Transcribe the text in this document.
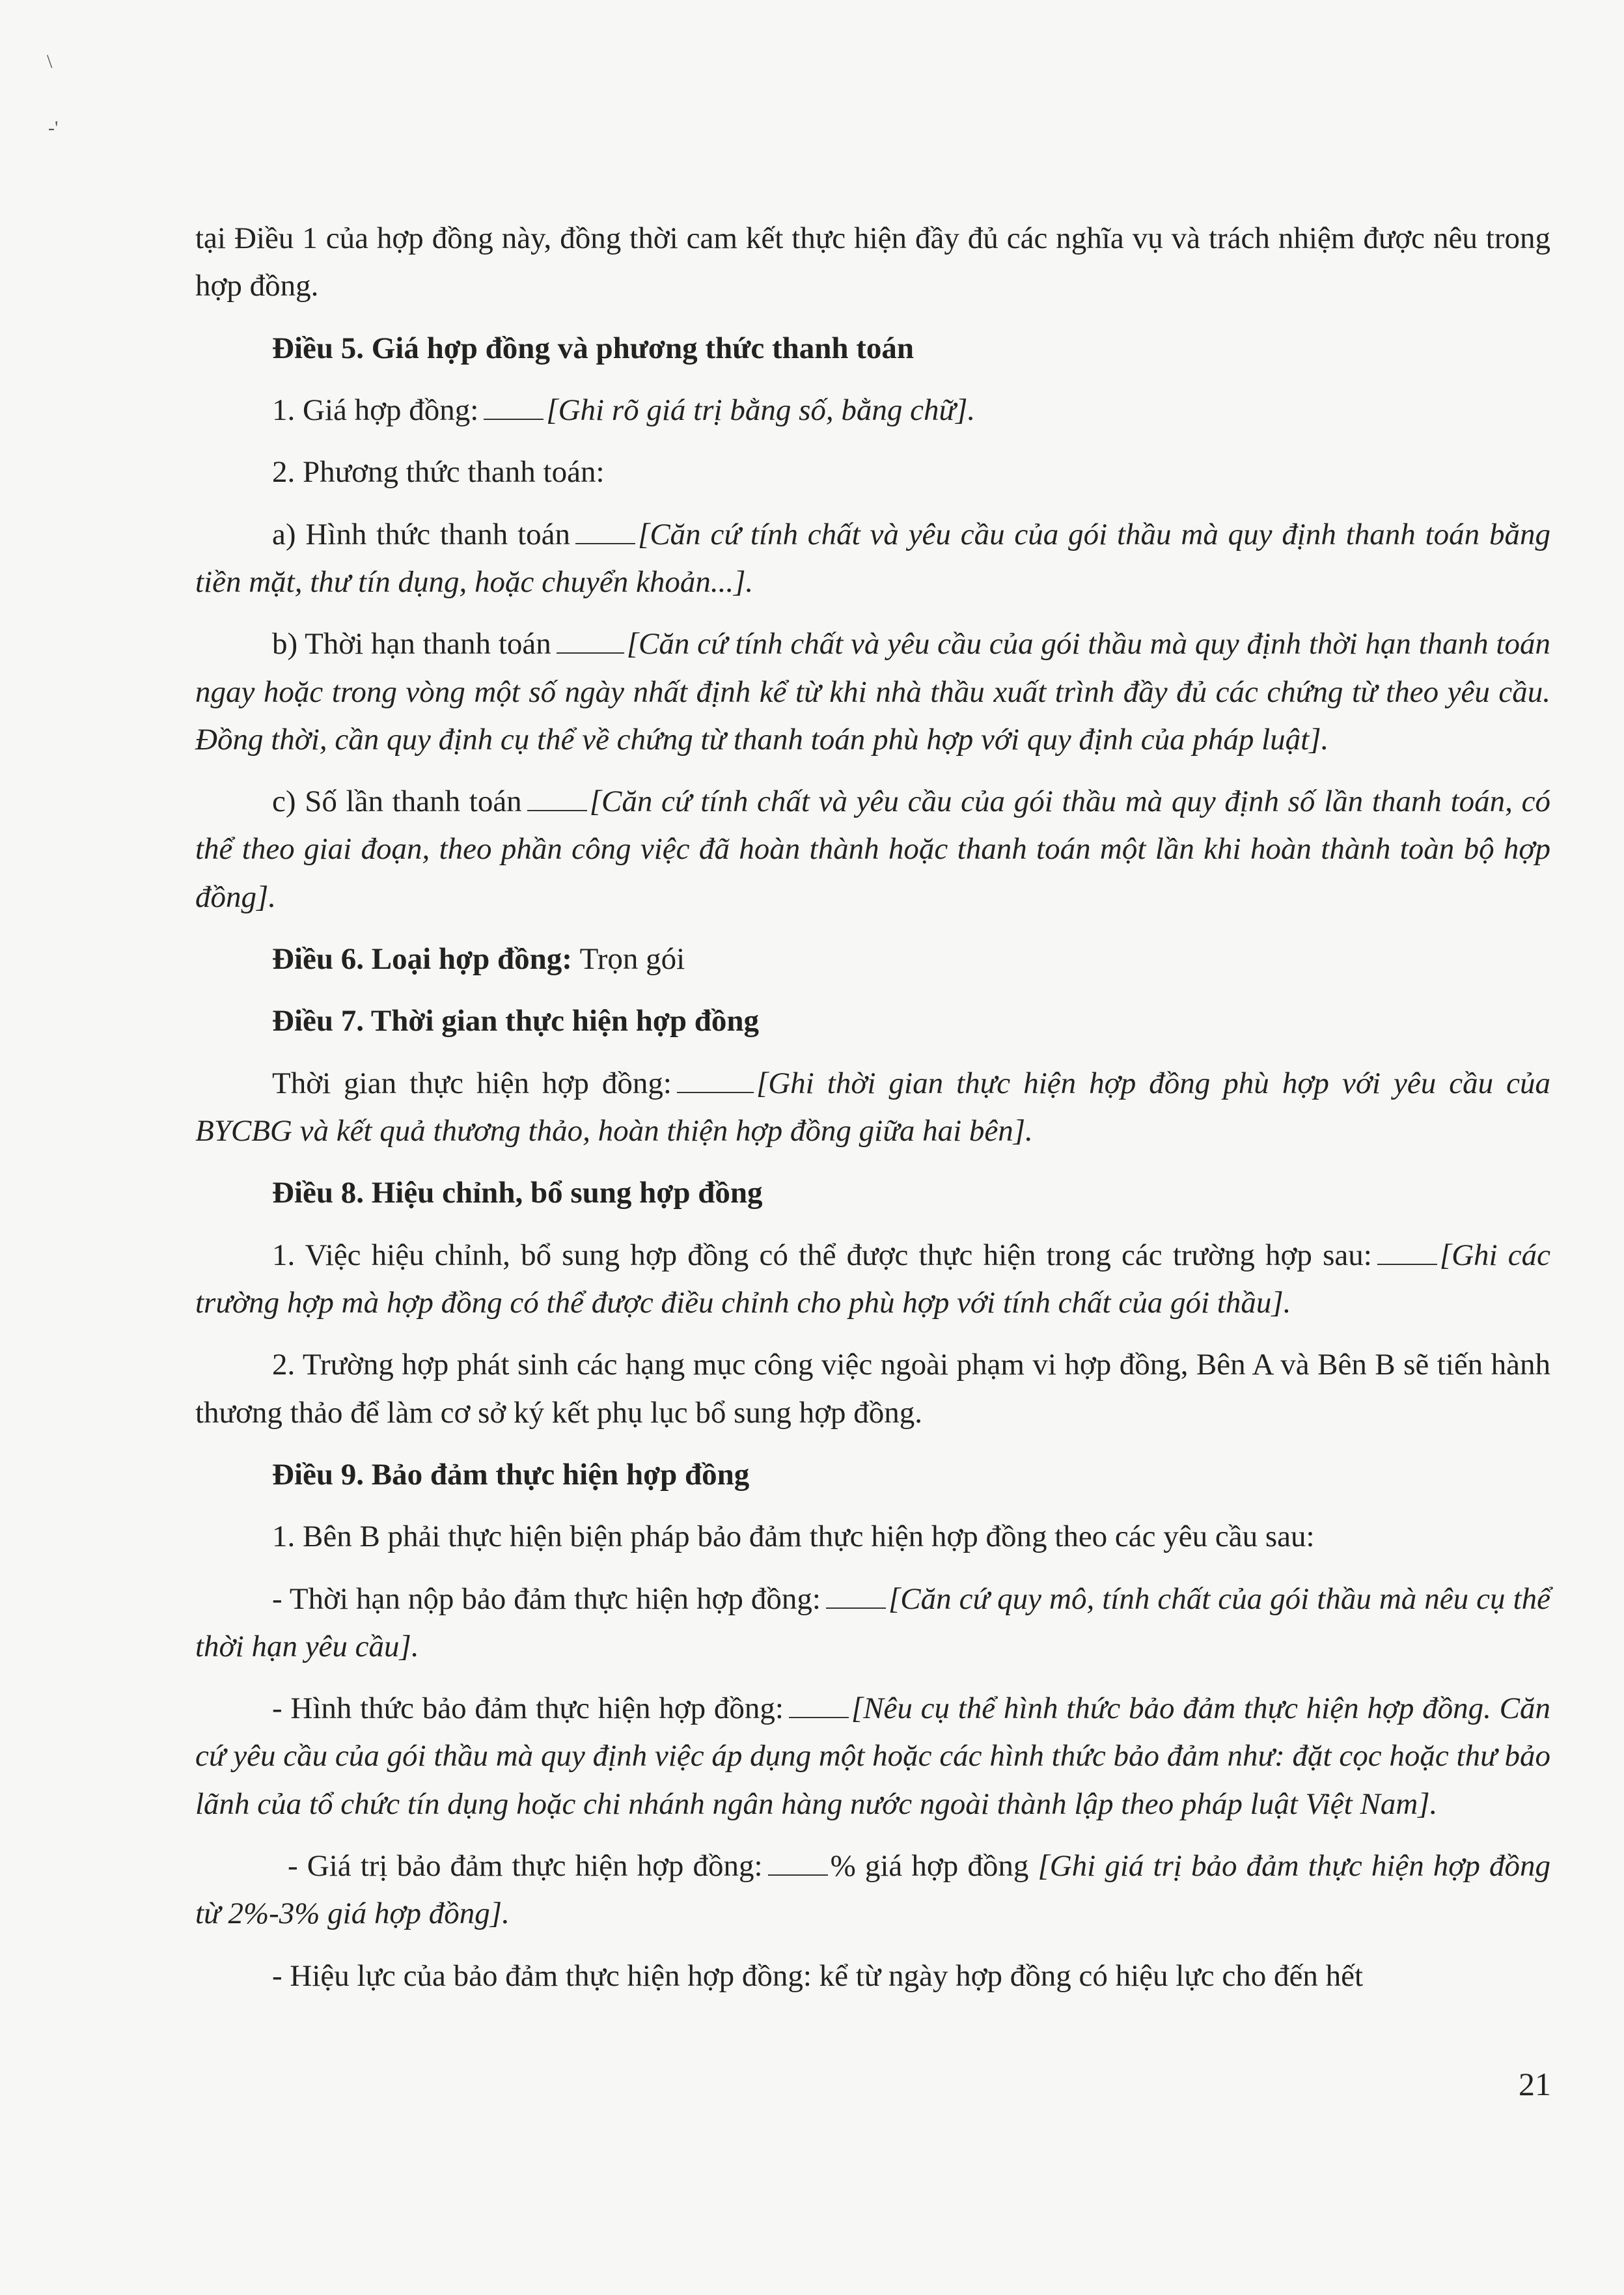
\
-'

tại Điều 1 của hợp đồng này, đồng thời cam kết thực hiện đầy đủ các nghĩa vụ và trách nhiệm được nêu trong hợp đồng.

Điều 5. Giá hợp đồng và phương thức thanh toán

1. Giá hợp đồng: [Ghi rõ giá trị bằng số, bằng chữ].

2. Phương thức thanh toán:

a) Hình thức thanh toán [Căn cứ tính chất và yêu cầu của gói thầu mà quy định thanh toán bằng tiền mặt, thư tín dụng, hoặc chuyển khoản...].

b) Thời hạn thanh toán [Căn cứ tính chất và yêu cầu của gói thầu mà quy định thời hạn thanh toán ngay hoặc trong vòng một số ngày nhất định kể từ khi nhà thầu xuất trình đầy đủ các chứng từ theo yêu cầu. Đồng thời, cần quy định cụ thể về chứng từ thanh toán phù hợp với quy định của pháp luật].

c) Số lần thanh toán [Căn cứ tính chất và yêu cầu của gói thầu mà quy định số lần thanh toán, có thể theo giai đoạn, theo phần công việc đã hoàn thành hoặc thanh toán một lần khi hoàn thành toàn bộ hợp đồng].

Điều 6. Loại hợp đồng: Trọn gói

Điều 7. Thời gian thực hiện hợp đồng

Thời gian thực hiện hợp đồng:	[Ghi thời gian thực hiện hợp đồng phù hợp với yêu cầu của BYCBG và kết quả thương thảo, hoàn thiện hợp đồng giữa hai bên].

Điều 8. Hiệu chỉnh, bổ sung hợp đồng

1. Việc hiệu chỉnh, bổ sung hợp đồng có thể được thực hiện trong các trường hợp sau: [Ghi các trường hợp mà hợp đồng có thể được điều chỉnh cho phù hợp với tính chất của gói thầu].

2. Trường hợp phát sinh các hạng mục công việc ngoài phạm vi hợp đồng, Bên A và Bên B sẽ tiến hành thương thảo để làm cơ sở ký kết phụ lục bổ sung hợp đồng.

Điều 9. Bảo đảm thực hiện hợp đồng

1. Bên B phải thực hiện biện pháp bảo đảm thực hiện hợp đồng theo các yêu cầu sau:

- Thời hạn nộp bảo đảm thực hiện hợp đồng: [Căn cứ quy mô, tính chất của gói thầu mà nêu cụ thể thời hạn yêu cầu].

- Hình thức bảo đảm thực hiện hợp đồng: [Nêu cụ thể hình thức bảo đảm thực hiện hợp đồng. Căn cứ yêu cầu của gói thầu mà quy định việc áp dụng một hoặc các hình thức bảo đảm như: đặt cọc hoặc thư bảo lãnh của tổ chức tín dụng hoặc chi nhánh ngân hàng nước ngoài thành lập theo pháp luật Việt Nam].

- Giá trị bảo đảm thực hiện hợp đồng: % giá hợp đồng [Ghi giá trị bảo đảm thực hiện hợp đồng từ 2%-3% giá hợp đồng].

- Hiệu lực của bảo đảm thực hiện hợp đồng: kể từ ngày hợp đồng có hiệu lực cho đến hết

21
